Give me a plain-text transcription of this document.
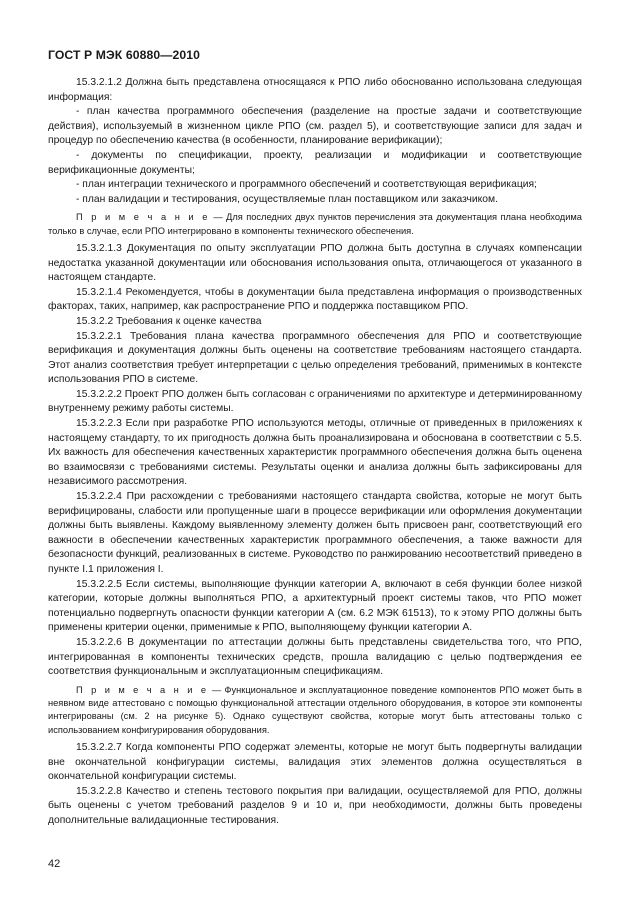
ГОСТ Р МЭК 60880—2010

15.3.2.1.2 Должна быть представлена относящаяся к РПО либо обоснованно использована следующая информация:

- план качества программного обеспечения (разделение на простые задачи и соответствующие действия), используемый в жизненном цикле РПО (см. раздел 5), и соответствующие записи для задач и процедур по обеспечению качества (в особенности, планирование верификации);

- документы по спецификации, проекту, реализации и модификации и соответствующие верификационные документы;

- план интеграции технического и программного обеспечений и соответствующая верификация;

- план валидации и тестирования, осуществляемые план поставщиком или заказчиком.

П р и м е ч а н и е — Для последних двух пунктов перечисления эта документация плана необходима только в случае, если РПО интегрировано в компоненты технического обеспечения.

15.3.2.1.3 Документация по опыту эксплуатации РПО должна быть доступна в случаях компенсации недостатка указанной документации или обоснования использования опыта, отличающегося от указанного в настоящем стандарте.

15.3.2.1.4 Рекомендуется, чтобы в документации была представлена информация о производственных факторах, таких, например, как распространение РПО и поддержка поставщиком РПО.

15.3.2.2 Требования к оценке качества

15.3.2.2.1 Требования плана качества программного обеспечения для РПО и соответствующие верификация и документация должны быть оценены на соответствие требованиям настоящего стандарта. Этот анализ соответствия требует интерпретации с целью определения требований, применимых в контексте использования РПО в системе.

15.3.2.2.2 Проект РПО должен быть согласован с ограничениями по архитектуре и детерминированному внутреннему режиму работы системы.

15.3.2.2.3 Если при разработке РПО используются методы, отличные от приведенных в приложениях к настоящему стандарту, то их пригодность должна быть проанализирована и обоснована в соответствии с 5.5. Их важность для обеспечения качественных характеристик программного обеспечения должна быть оценена во взаимосвязи с требованиями системы. Результаты оценки и анализа должны быть зафиксированы для независимого рассмотрения.

15.3.2.2.4 При расхождении с требованиями настоящего стандарта свойства, которые не могут быть верифицированы, слабости или пропущенные шаги в процессе верификации или оформления документации должны быть выявлены. Каждому выявленному элементу должен быть присвоен ранг, соответствующий его важности в обеспечении качественных характеристик программного обеспечения, а также важности для безопасности функций, реализованных в системе. Руководство по ранжированию несоответствий приведено в пункте I.1 приложения I.

15.3.2.2.5 Если системы, выполняющие функции категории А, включают в себя функции более низкой категории, которые должны выполняться РПО, а архитектурный проект системы таков, что РПО может потенциально подвергнуть опасности функции категории А (см. 6.2 МЭК 61513), то к этому РПО должны быть применены критерии оценки, применимые к РПО, выполняющему функции категории А.

15.3.2.2.6 В документации по аттестации должны быть представлены свидетельства того, что РПО, интегрированная в компоненты технических средств, прошла валидацию с целью подтверждения ее соответствия функциональным и эксплуатационным спецификациям.

П р и м е ч а н и е — Функциональное и эксплуатационное поведение компонентов РПО может быть в неявном виде аттестовано с помощью функциональной аттестации отдельного оборудования, в которое эти компоненты интегрированы (см. 2 на рисунке 5). Однако существуют свойства, которые могут быть аттестованы только с использованием конфигурирования оборудования.

15.3.2.2.7 Когда компоненты РПО содержат элементы, которые не могут быть подвергнуты валидации вне окончательной конфигурации системы, валидация этих элементов должна осуществляться в окончательной конфигурации системы.

15.3.2.2.8 Качество и степень тестового покрытия при валидации, осуществляемой для РПО, должны быть оценены с учетом требований разделов 9 и 10 и, при необходимости, должны быть проведены дополнительные валидационные тестирования.

42
